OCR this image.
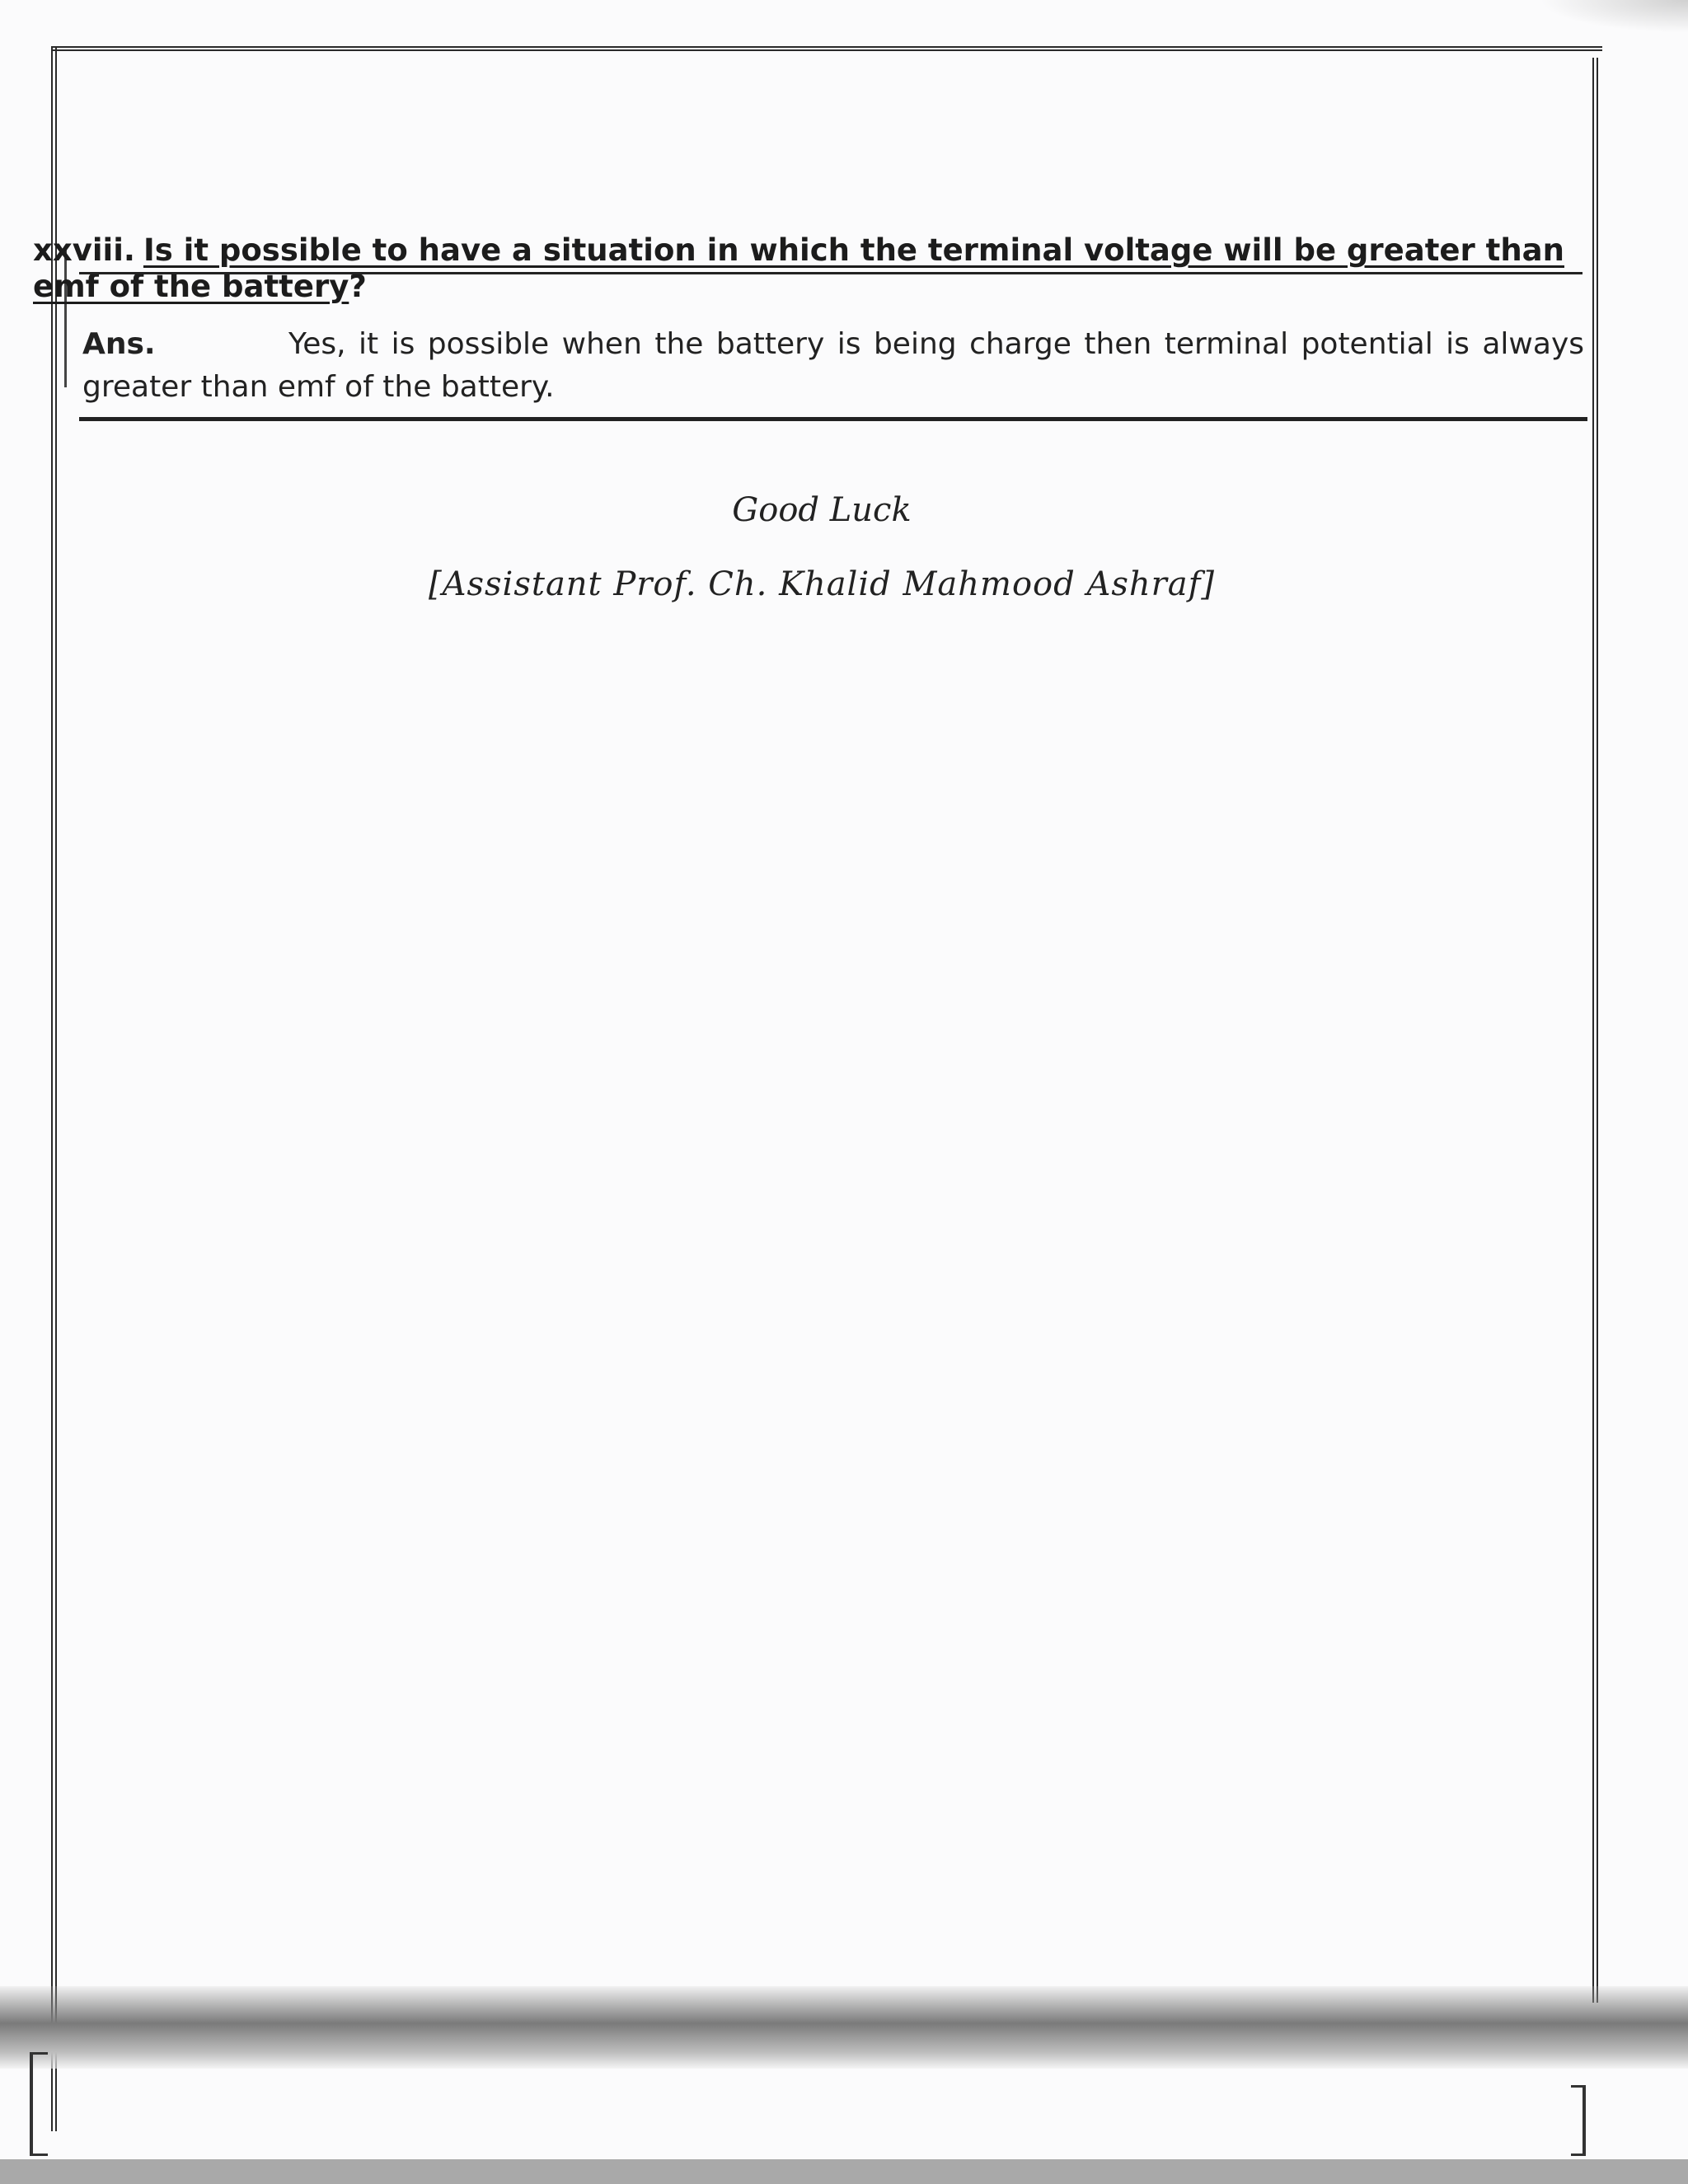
xxviii. Is it possible to have a situation in which the terminal voltage will be greater than emf of the battery?
Ans.	Yes, it is possible when the battery is being charge then terminal potential is always greater than emf of the battery.
Good Luck
[Assistant Prof. Ch. Khalid Mahmood Ashraf]
